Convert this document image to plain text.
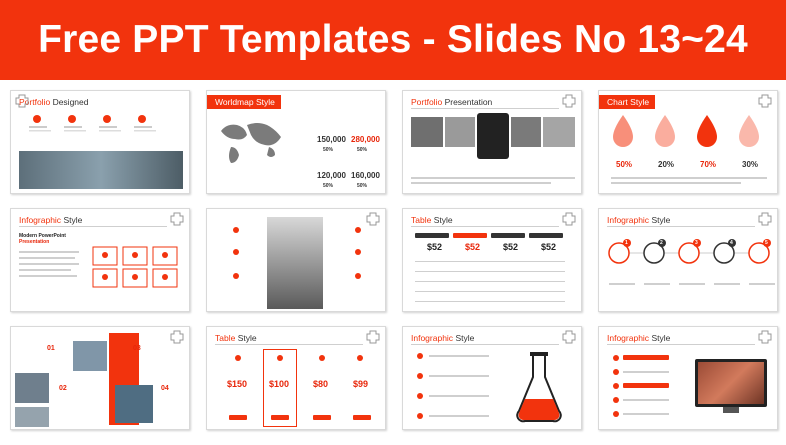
Free PPT Templates - Slides No 13~24
Portfolio Designed	Worldmap Style
150,000 280,000
50%	50%
120,000 160,000
50%	50%
Portfolio Presentation	Chart Style
50%	20%	70%	30%
Infographic Style
Modern PowerPoint
Presentation
Table Style
$52	$52	$52	$52
Infographic Style
1	2	3	4	5
01	03
02	04
Table Style
$150 $100	$80	$99
Infographic Style	Infographic Style
